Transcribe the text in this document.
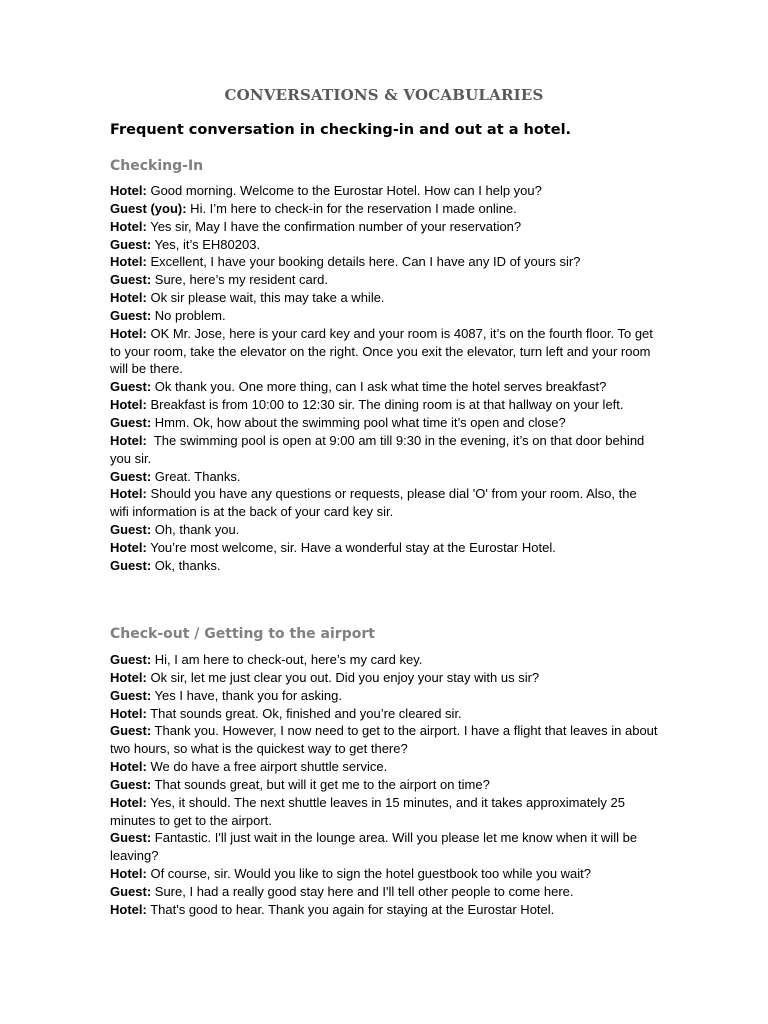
CONVERSATIONS & VOCABULARIES
Frequent conversation in checking-in and out at a hotel.
Checking-In

Hotel: Good morning. Welcome to the Eurostar Hotel. How can I help you?

Guest (you): Hi. I’m here to check-in for the reservation I made online.

Hotel: Yes sir, May I have the confirmation number of your reservation?

Guest: Yes, it’s EH80203.

Hotel: Excellent, I have your booking details here. Can I have any ID of yours sir?

Guest: Sure, here’s my resident card.

Hotel: Ok sir please wait, this may take a while.

Guest: No problem.

Hotel: OK Mr. Jose, here is your card key and your room is 4087, it’s on the fourth floor. To get to your room, take the elevator on the right. Once you exit the elevator, turn left and your room will be there.

Guest: Ok thank you. One more thing, can I ask what time the hotel serves breakfast?

Hotel: Breakfast is from 10:00 to 12:30 sir. The dining room is at that hallway on your left.

Guest: Hmm. Ok, how about the swimming pool what time it’s open and close?

Hotel:  The swimming pool is open at 9:00 am till 9:30 in the evening, it’s on that door behind you sir.

Guest: Great. Thanks.

Hotel: Should you have any questions or requests, please dial 'O' from your room. Also, the wifi information is at the back of your card key sir.

Guest: Oh, thank you.

Hotel: You’re most welcome, sir. Have a wonderful stay at the Eurostar Hotel.

Guest: Ok, thanks.

Check-out / Getting to the airport

Guest: Hi, I am here to check-out, here’s my card key.

Hotel: Ok sir, let me just clear you out. Did you enjoy your stay with us sir?

Guest: Yes I have, thank you for asking.

Hotel: That sounds great. Ok, finished and you’re cleared sir.

Guest: Thank you. However, I now need to get to the airport. I have a flight that leaves in about two hours, so what is the quickest way to get there?

Hotel: We do have a free airport shuttle service.

Guest: That sounds great, but will it get me to the airport on time?

Hotel: Yes, it should. The next shuttle leaves in 15 minutes, and it takes approximately 25 minutes to get to the airport.

Guest: Fantastic. I'll just wait in the lounge area. Will you please let me know when it will be leaving?

Hotel: Of course, sir. Would you like to sign the hotel guestbook too while you wait?

Guest: Sure, I had a really good stay here and I'll tell other people to come here.

Hotel: That's good to hear. Thank you again for staying at the Eurostar Hotel.
